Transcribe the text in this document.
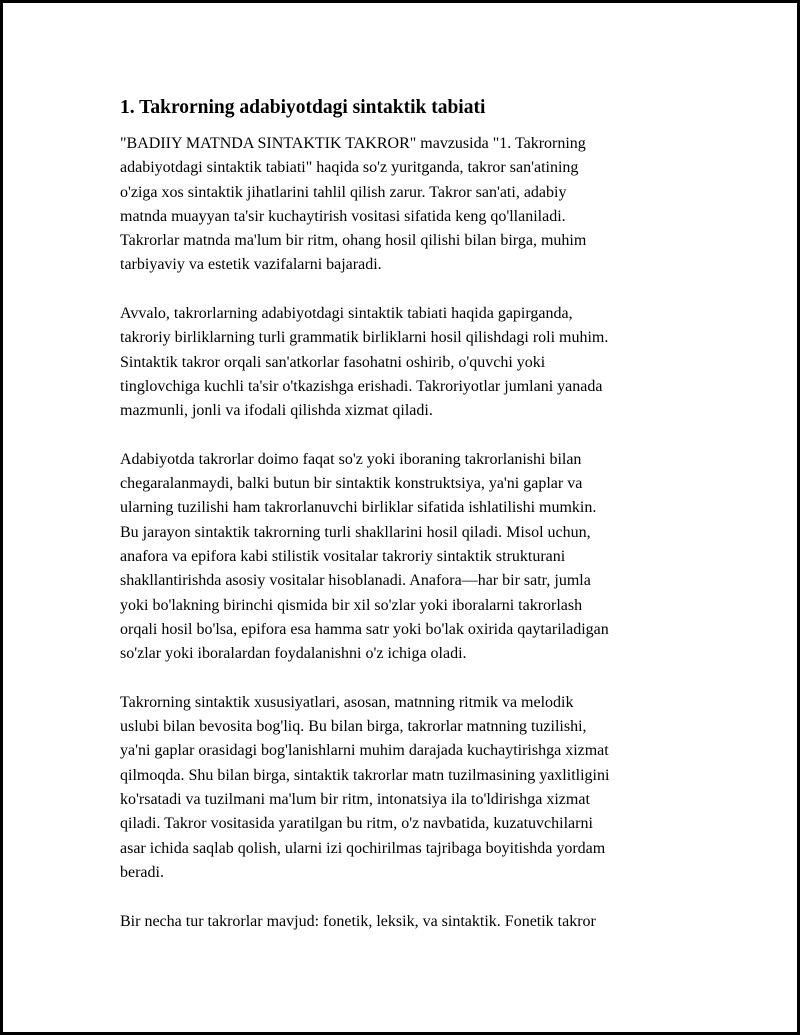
1. Takrorning adabiyotdagi sintaktik tabiati
"BADIIY MATNDA SINTAKTIK TAKROR" mavzusida "1. Takrorning
adabiyotdagi sintaktik tabiati" haqida so'z yuritganda, takror san'atining
o'ziga xos sintaktik jihatlarini tahlil qilish zarur. Takror san'ati, adabiy
matnda muayyan ta'sir kuchaytirish vositasi sifatida keng qo'llaniladi.
Takrorlar matnda ma'lum bir ritm, ohang hosil qilishi bilan birga, muhim
tarbiyaviy va estetik vazifalarni bajaradi.
Avvalo, takrorlarning adabiyotdagi sintaktik tabiati haqida gapirganda,
takroriy birliklarning turli grammatik birliklarni hosil qilishdagi roli muhim.
Sintaktik takror orqali san'atkorlar fasohatni oshirib, o'quvchi yoki
tinglovchiga kuchli ta'sir o'tkazishga erishadi. Takroriyotlar jumlani yanada
mazmunli, jonli va ifodali qilishda xizmat qiladi.
Adabiyotda takrorlar doimo faqat so'z yoki iboraning takrorlanishi bilan
chegaralanmaydi, balki butun bir sintaktik konstruktsiya, ya'ni gaplar va
ularning tuzilishi ham takrorlanuvchi birliklar sifatida ishlatilishi mumkin.
Bu jarayon sintaktik takrorning turli shakllarini hosil qiladi. Misol uchun,
anafora va epifora kabi stilistik vositalar takroriy sintaktik strukturani
shakllantirishda asosiy vositalar hisoblanadi. Anafora—har bir satr, jumla
yoki bo'lakning birinchi qismida bir xil so'zlar yoki iboralarni takrorlash
orqali hosil bo'lsa, epifora esa hamma satr yoki bo'lak oxirida qaytariladigan
so'zlar yoki iboralardan foydalanishni o'z ichiga oladi.
Takrorning sintaktik xususiyatlari, asosan, matnning ritmik va melodik
uslubi bilan bevosita bog'liq. Bu bilan birga, takrorlar matnning tuzilishi,
ya'ni gaplar orasidagi bog'lanishlarni muhim darajada kuchaytirishga xizmat
qilmoqda. Shu bilan birga, sintaktik takrorlar matn tuzilmasining yaxlitligini
ko'rsatadi va tuzilmani ma'lum bir ritm, intonatsiya ila to'ldirishga xizmat
qiladi. Takror vositasida yaratilgan bu ritm, o'z navbatida, kuzatuvchilarni
asar ichida saqlab qolish, ularni izi qochirilmas tajribaga boyitishda yordam
beradi.
Bir necha tur takrorlar mavjud: fonetik, leksik, va sintaktik. Fonetik takror
